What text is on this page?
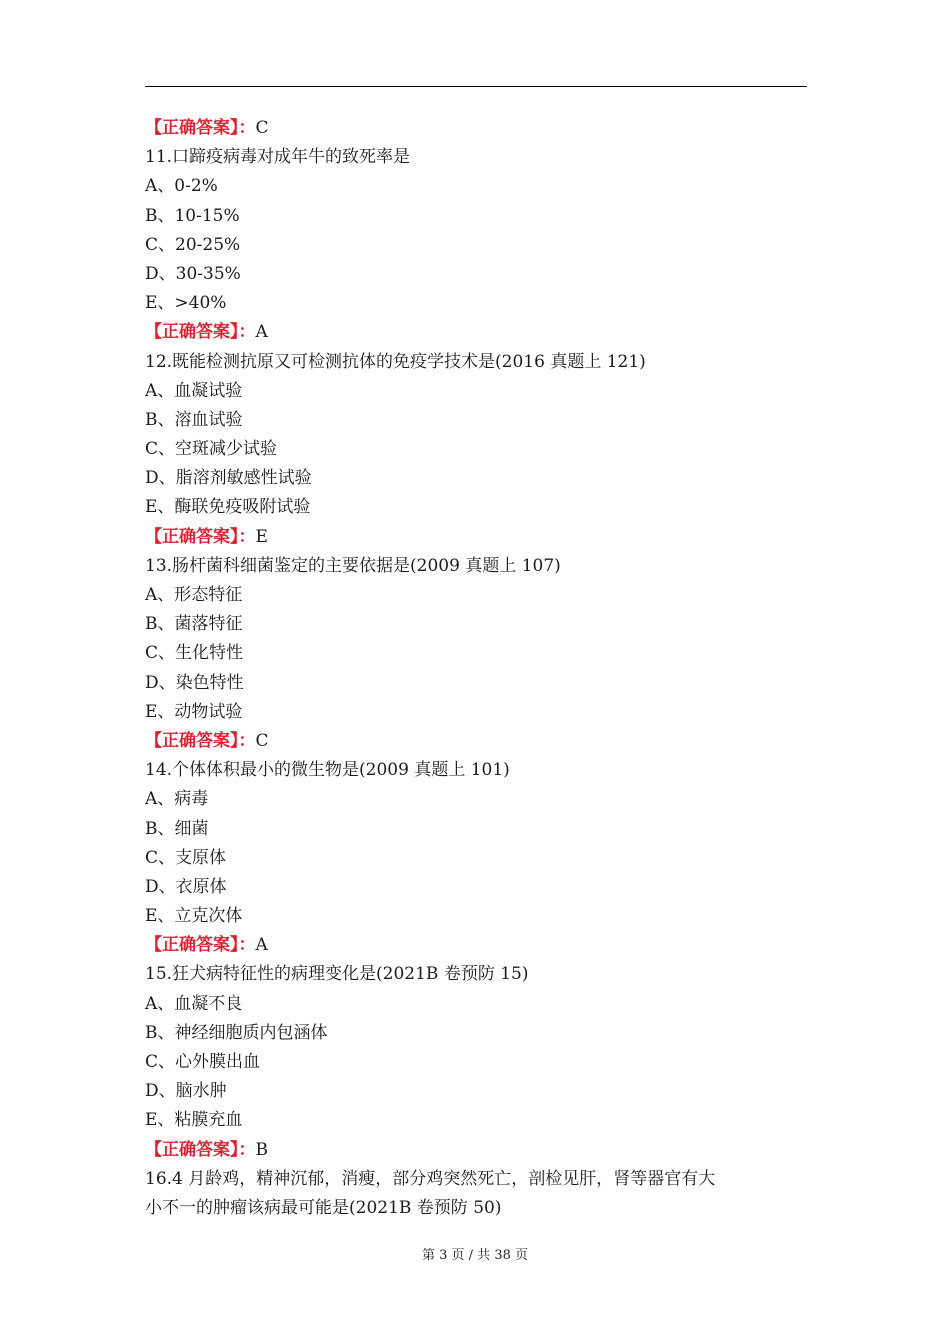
【正确答案】：C
11.口蹄疫病毒对成年牛的致死率是
A、0-2%
B、10-15%
C、20-25%
D、30-35%
E、>40%
【正确答案】：A
12.既能检测抗原又可检测抗体的免疫学技术是(2016 真题上 121)
A、血凝试验
B、溶血试验
C、空斑减少试验
D、脂溶剂敏感性试验
E、酶联免疫吸附试验
【正确答案】：E
13.肠杆菌科细菌鉴定的主要依据是(2009 真题上 107)
A、形态特征
B、菌落特征
C、生化特性
D、染色特性
E、动物试验
【正确答案】：C
14.个体体积最小的微生物是(2009 真题上 101)
A、病毒
B、细菌
C、支原体
D、衣原体
E、立克次体
【正确答案】：A
15.狂犬病特征性的病理变化是(2021B 卷预防 15)
A、血凝不良
B、神经细胞质内包涵体
C、心外膜出血
D、脑水肿
E、粘膜充血
【正确答案】：B
16.4 月龄鸡，精神沉郁，消瘦，部分鸡突然死亡，剖检见肝，肾等器官有大
小不一的肿瘤该病最可能是(2021B 卷预防 50)
第 3 页 / 共 38 页
